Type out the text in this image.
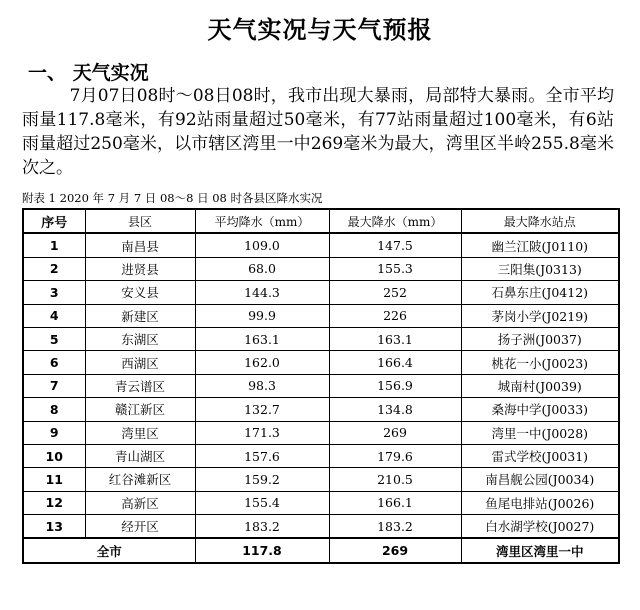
天气实况与天气预报
一、 天气实况
7月07日08时～08日08时，我市出现大暴雨，局部特大暴雨。全市平均雨量117.8毫米，有92站雨量超过50毫米，有77站雨量超过100毫米，有6站雨量超过250毫米，以市辖区湾里一中269毫米为最大，湾里区半岭255.8毫米次之。
附表 1 2020 年 7 月 7 日 08～8 日 08 时各县区降水实况
序号	县区	平均降水（mm）	最大降水（mm）	最大降水站点
1	南昌县	109.0	147.5	幽兰江陂(J0110)
2	进贤县	68.0	155.3	三阳集(J0313)
3	安义县	144.3	252	石鼻东庄(J0412)
4	新建区	99.9	226	茅岗小学(J0219)
5	东湖区	163.1	163.1	扬子洲(J0037)
6	西湖区	162.0	166.4	桃花一小(J0023)
7	青云谱区	98.3	156.9	城南村(J0039)
8	赣江新区	132.7	134.8	桑海中学(J0033)
9	湾里区	171.3	269	湾里一中(J0028)
10	青山湖区	157.6	179.6	雷式学校(J0031)
11	红谷滩新区	159.2	210.5	南昌舰公园(J0034)
12	高新区	155.4	166.1	鱼尾电排站(J0026)
13	经开区	183.2	183.2	白水湖学校(J0027)
全市		117.8	269	湾里区湾里一中
